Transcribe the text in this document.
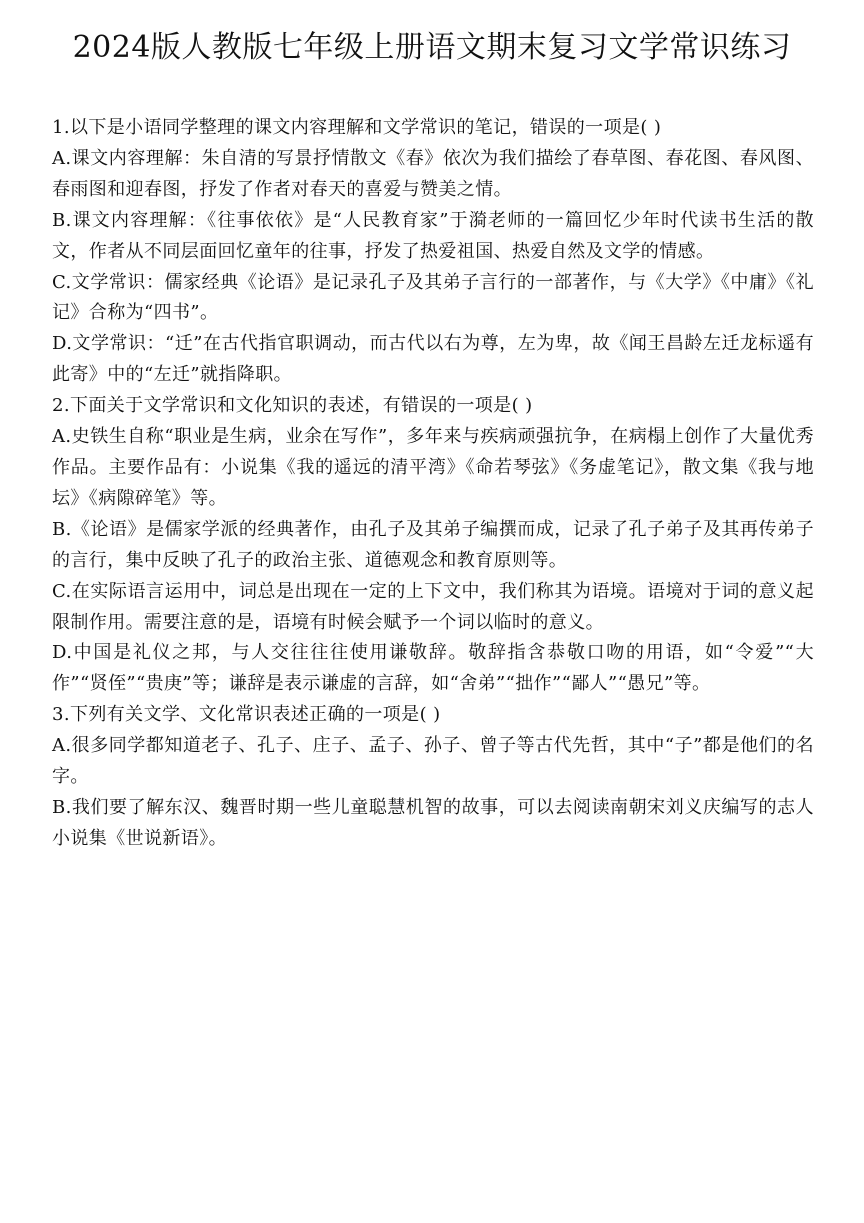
2024版人教版七年级上册语文期末复习文学常识练习

1.以下是小语同学整理的课文内容理解和文学常识的笔记，错误的一项是( )

A.课文内容理解：朱自清的写景抒情散文《春》依次为我们描绘了春草图、春花图、春风图、春雨图和迎春图，抒发了作者对春天的喜爱与赞美之情。

B.课文内容理解：《往事依依》是“人民教育家”于漪老师的一篇回忆少年时代读书生活的散文，作者从不同层面回忆童年的往事，抒发了热爱祖国、热爱自然及文学的情感。

C.文学常识：儒家经典《论语》是记录孔子及其弟子言行的一部著作，与《大学》《中庸》《礼记》合称为“四书”。

D.文学常识：“迁”在古代指官职调动，而古代以右为尊，左为卑，故《闻王昌龄左迁龙标遥有此寄》中的“左迁”就指降职。

2.下面关于文学常识和文化知识的表述，有错误的一项是( )

A.史铁生自称“职业是生病，业余在写作”，多年来与疾病顽强抗争，在病榻上创作了大量优秀作品。主要作品有：小说集《我的遥远的清平湾》《命若琴弦》《务虚笔记》，散文集《我与地坛》《病隙碎笔》等。

B.《论语》是儒家学派的经典著作，由孔子及其弟子编撰而成，记录了孔子弟子及其再传弟子的言行，集中反映了孔子的政治主张、道德观念和教育原则等。

C.在实际语言运用中，词总是出现在一定的上下文中，我们称其为语境。语境对于词的意义起限制作用。需要注意的是，语境有时候会赋予一个词以临时的意义。

D.中国是礼仪之邦，与人交往往往使用谦敬辞。敬辞指含恭敬口吻的用语，如“令爱”“大作”“贤侄”“贵庚”等；谦辞是表示谦虚的言辞，如“舍弟”“拙作”“鄙人”“愚兄”等。

3.下列有关文学、文化常识表述正确的一项是( )

A.很多同学都知道老子、孔子、庄子、孟子、孙子、曾子等古代先哲，其中“子”都是他们的名字。

B.我们要了解东汉、魏晋时期一些儿童聪慧机智的故事，可以去阅读南朝宋刘义庆编写的志人小说集《世说新语》。
